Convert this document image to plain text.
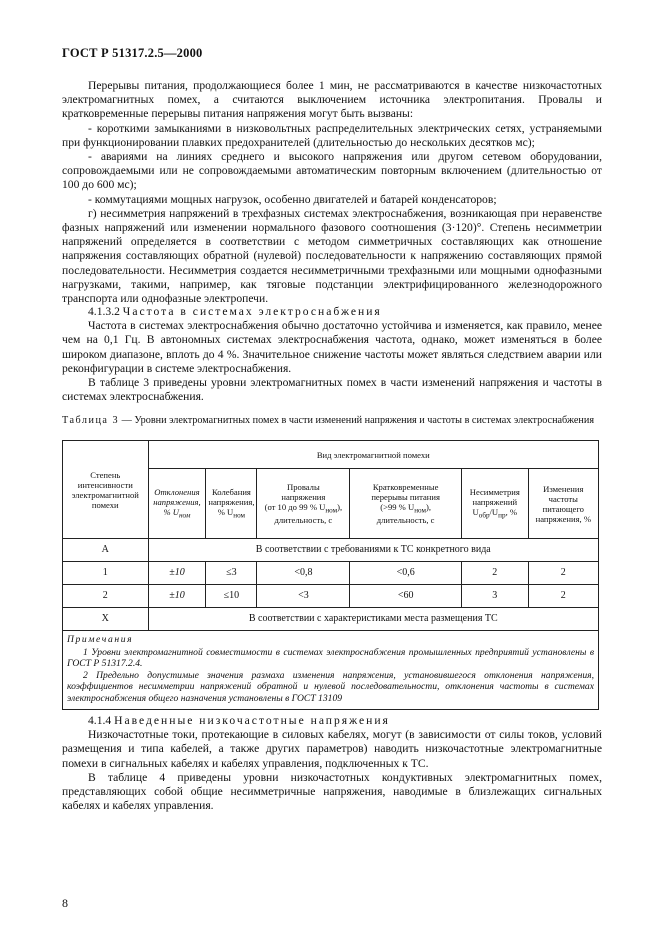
ГОСТ Р 51317.2.5—2000

Перерывы питания, продолжающиеся более 1 мин, не рассматриваются в качестве низкочастотных электромагнитных помех, а считаются выключением источника электропитания. Провалы и кратковременные перерывы питания напряжения могут быть вызваны:

- короткими замыканиями в низковольтных распределительных электрических сетях, устраняемыми при функционировании плавких предохранителей (длительностью до нескольких десятков мс);

- авариями на линиях среднего и высокого напряжения или другом сетевом оборудовании, сопровождаемыми или не сопровождаемыми автоматическим повторным включением (длительностью от 100 до 600 мс);

- коммутациями мощных нагрузок, особенно двигателей и батарей конденсаторов;

г) несимметрия напряжений в трехфазных системах электроснабжения, возникающая при неравенстве фазных напряжений или изменении нормального фазового соотношения (3·120)°. Степень несимметрии напряжений определяется в соответствии с методом симметричных составляющих как отношение напряжения составляющих обратной (нулевой) последовательности к напряжению составляющих прямой последовательности. Несимметрия создается несимметричными трехфазными или мощными однофазными нагрузками, такими, например, как тяговые подстанции электрифицированного железнодорожного транспорта или однофазные электропечи.

4.1.3.2 Частота в системах электроснабжения

Частота в системах электроснабжения обычно достаточно устойчива и изменяется, как правило, менее чем на 0,1 Гц. В автономных системах электроснабжения частота, однако, может изменяться в более широком диапазоне, вплоть до 4 %. Значительное снижение частоты может являться следствием аварии или реконфигурации в системе электроснабжения.

В таблице 3 приведены уровни электромагнитных помех в части изменений напряжения и частоты в системах электроснабжения.

Таблица 3 — Уровни электромагнитных помех в части изменений напряжения и частоты в системах электроснабжения
Степень интенсивности электромагнитной помехи	Вид электромагнитной помехи					
	Отклонения напряжения, % $U_{ном}$	Колебания напряжения, % $U_{ном}$	Провалы
напряжения
(от 10 до 99 % $U_{ном}$),
длительность, с	Кратковременные
перерывы питания
(>99 % $U_{ном}$),
длительность, с	Несимметрия
напряжений
$U_{обр}/U_{пр}$, %	Изменения частоты питающего напряжения, %
А	В соответствии с требованиями к ТС конкретного вида					
1	±10	≤3	<0,8	<0,6	2	2
2	±10	≤10	<3	<60	3	2
Х	В соответствии с характеристиками места размещения ТС					

Примечания
1 Уровни электромагнитной совместимости в системах электроснабжения промышленных предприятий установлены в ГОСТ Р 51317.2.4.
2 Предельно допустимые значения размаха изменения напряжения, установившегося отклонения напряжения, коэффициентов несимметрии напряжений обратной и нулевой последовательности, отклонения частоты в системах электроснабжения общего назначения установлены в ГОСТ 13109						

4.1.4 Наведенные низкочастотные напряжения

Низкочастотные токи, протекающие в силовых кабелях, могут (в зависимости от силы токов, условий размещения и типа кабелей, а также других параметров) наводить низкочастотные электромагнитные помехи в сигнальных кабелях и кабелях управления, подключенных к ТС.

В таблице 4 приведены уровни низкочастотных кондуктивных электромагнитных помех, представляющих собой общие несимметричные напряжения, наводимые в близлежащих сигнальных кабелях и кабелях управления.

8
